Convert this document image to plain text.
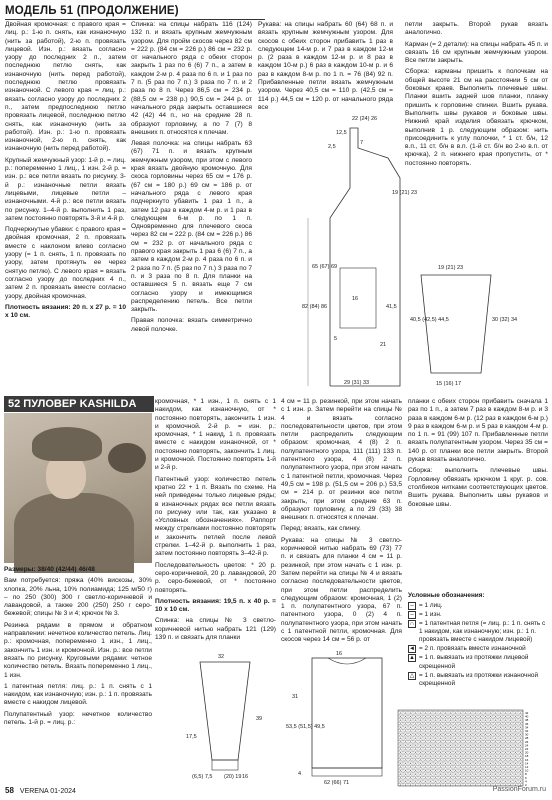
МОДЕЛЬ 51 (ПРОДОЛЖЕНИЕ)

Двойная кромочная: с правого края = лиц. р.: 1-ю п. снять, как изнаночную (нить за работой), 2-ю п. провязать лицевой. Изн. р.: вязать согласно узору до последних 2 п., затем последнюю петлю снять, как изнаночную (нить перед работой), последнюю петлю провязать изнаночной. С левого края = лиц. р.: вязать согласно узору до последних 2 п., затем предпоследнюю петлю провязать лицевой, последнюю петлю снять, как изнаночную (нить за работой). Изн. р.: 1-ю п. провязать изнаночной, 2-ю п. снять, как изнаночную (нить перед работой).

Крупный жемчужный узор: 1-й р. = лиц. р.: попеременно 1 лиц., 1 изн. 2-й р. = изн. р.: все петли вязать по рисунку. 3-й р.: изнаночные петли вязать лицевыми, лицевые петли – изнаночными. 4-й р.: все петли вязать по рисунку. 1–4-й р. выполнить 1 раз, затем постоянно повторять 3-й и 4-й р.

Подчеркнутые убавки: с правого края = двойная кромочная, 2 п. провязать вместе с наклоном влево согласно узору (= 1 п. снять, 1 п. провязать по узору, затем протянуть ее через снятую петлю). С левого края = вязать согласно узору до последних 4 п., затем 2 п. провязать вместе согласно узору, двойная кромочная.

Плотность вязания: 20 п. х 27 р. = 10 х 10 см.

Спинка: на спицы набрать 116 (124) 132 п. и вязать крупным жемчужным узором. Для пройм скосов через 82 см = 222 р. (84 см = 226 р.) 86 см = 232 р. от начального ряда с обеих сторон закрыть 1 раз по 6 (6) 7 п., а затем в каждом 2-м р. 4 раза по 6 п. и 1 раз по 7 п. (5 раз по 7 п.) 3 раза по 7 п. и 2 раза по 8 п. Через 86,5 см = 234 р. (88,5 см = 238 р.) 90,5 см = 244 р. от начального ряда закрыть оставшиеся 42 (42) 44 п., но на средние 28 п. образуют горловину, а по 7 (7) 8 внешних п. относятся к плечам.

Левая полочка: на спицы набрать 63 (67) 71 п. и вязать крупным жемчужным узором, при этом с левого края вязать двойную кромочную. Для скоса горловины через 65 см = 176 р. (67 см = 180 р.) 69 см = 186 р. от начального ряда с левого края подчеркнуто убавить 1 раз 1 п., а затем 12 раз в каждом 4-м р. и 1 раз в следующем 6-м р. по 1 п. Одновременно для плечевого скоса через 82 см = 222 р. (84 см = 226 р.) 86 см = 232 р. от начального ряда с правого края закрыть 1 раз 6 (6) 7 п., а затем в каждом 2-м р. 4 раза по 6 п. и 2 раза по 7 п. (5 раз по 7 п.) 3 раза по 7 п. и 3 раза по 8 п. Для планки на оставшиеся 5 п. вязать еще 7 см согласно узору и имеющимся распределению петель. Все петли закрыть.

Правая полочка: вязать симметрично левой полочке.

Рукава: на спицы набрать 60 (64) 68 п. и вязать крупным жемчужным узором. Для скосов с обеих сторон прибавить 1 раз в следующем 14-м р. и 7 раз в каждом 12-м р. (2 раза в каждом 12-м р. и 8 раз в каждом 10-м р.) 6 раз в каждом 10-м р. и 6 раз в каждом 8-м р. по 1 п. = 76 (84) 92 п. Прибавленные петли вязать жемчужным узором. Через 40,5 см = 110 р. (42,5 см = 114 р.) 44,5 см = 120 р. от начального ряда все

петли закрыть. Второй рукав вязать аналогично.

Карман (= 2 детали): на спицы набрать 45 п. и связать 16 см крупным жемчужным узором. Все петли закрыть.

Сборка: карманы пришить к полочкам на общей высоте 21 см на расстоянии 5 см от боковых краев. Выполнить плечевые швы. Планки вшить задней шов планки, планку пришить к горловине спинки. Вшить рукава. Выполнить швы рукавов и боковые швы. Нижний край изделия обвязать крючком, выполнив 1 р. следующим образом: нить присоединить к углу полочки, * 1 ст. б/н, 12 в.п., 11 ст. б/н в в.п. (1-й ст. б/н во 2-ю в.п. от крючка), 2 п. нижнего края пропустить, от * постоянно повторять.

22 (24) 26
12,5
2,5
7
19 (21) 23
82 (84) 86
65 (67) 69
29 (31) 33
5
16
41,5
21
19 (21) 23
40,5 (42,5) 44,5	30 (32) 34
15 (16) 17
52 ПУЛОВЕР KASHILDA

Размеры: 38/40 (42/44) 46/48

Вам потребуется: пряжа (40% вискозы, 30% хлопка, 20% льна, 10% полиамида; 125 м/50 г) – по 250 (300) 300 г светло-коричневой и лавандовой, а также 200 (250) 250 г серо-бежевой; спицы № 3 и 4; крючок № 3.

Резинка рядами в прямом и обратном направлении: нечетное количество петель. Лиц. р.: кромочная, попеременно 1 изн., 1 лиц., закончить 1 изн. и кромочной. Изн. р.: все петли вязать по рисунку. Круговыми рядами: четное количество петель. Вязать попеременно 1 лиц., 1 изн.

1 патентная петля: лиц. р.: 1 п. снять с 1 накидом, как изнаночную; изн. р.: 1 п. провязать вместе с накидом лицевой.

Полупатентный узор: нечетное количество петель. 1-й р. = лиц. р.:

кромочная, * 1 изн., 1 п. снять с 1 накидом, как изнаночную, от * постоянно повторять, закончить 1 изн. и кромочной. 2-й р. = изн. р.: кромочная, * 1 накид, 1 п. провязать вместе с накидом изнаночной, от * постоянно повторять, закончить 1 лиц. и кромочной. Постоянно повторять 1-й и 2-й р.

Патентный узор: количество петель кратно 22 + 1 п. Вязать по схеме. На ней приведены только лицевые ряды; в изнаночных рядах все петли вязать по рисунку или так, как указано в «Условных обозначениях». Раппорт между стрелками постоянно повторять и закончить петлей после левой стрелки. 1–42-й р. выполнить 1 раз, затем постоянно повторять 3–42-й р.

Последовательность цветов: * 20 р. серо-коричневой, 20 р. лавандовой, 20 р. серо-бежевой, от * постоянно повторять.

Плотность вязания: 19,5 п. х 40 р. = 10 х 10 см.

Спинка: на спицы № 3 светло-коричневой нитью набрать 121 (129) 139 п. и связать для планки

4 см = 11 р. резинкой, при этом начать с 1 изн. р. Затем перейти на спицы № 4 и вязать согласно последовательности цветов, при этом петли распределить следующим образом: кромочная, 4 (8) 2 п. полупатентного узора, 111 (111) 133 п. патентного узора, 4 (8) 2 п. полупатентного узора, при этом начать с 1 патентной петли, кромочная. Через 49,5 см = 198 р. (51,5 см = 206 р.) 53,5 см = 214 р. от резинки все петли закрыть, при этом средние 63 п. образуют горловину, а по 29 (33) 38 внешних п. относятся к плечам.

Перед: вязать, как спинку.

Рукава: на спицы № 3 светло-коричневой нитью набрать 69 (73) 77 п. и связать для планки 4 см = 11 р. резинкой, при этом начать с 1 изн. р. Затем перейти на спицы № 4 и вязать согласно последовательности цветов, при этом петли распределить следующим образом: кромочная, 1 (2) 1 п. полупатентного узора, 67 п. патентного узора, 0 (2) 4 п. полупатентного узора, при этом начать с 1 патентной петли, кромочная. Для скосов через 14 см = 56 р. от

планки с обеих сторон прибавить сначала 1 раз по 1 п., а затем 7 раз в каждом 8-м р. и 3 раза в каждом 6-м р. (12 раз в каждом 6-м р.) 9 раз в каждом 6-м р. и 5 раз в каждом 4-м р. по 1 п. = 91 (99) 107 п. Прибавленные петли вязать полупатентным узором. Через 35 см = 140 р. от планки все петли закрыть. Второй рукав вязать аналогично.

Сборка: выполнить плечевые швы. Горловину обвязать крючком 1 круг. р. сов. столбиков нитками соответствующих цветов. Вшить рукава. Выполнить швы рукавов и боковые швы.

Условные обозначения:
– = 1 лиц.
– = 1 изн.
∩ = 1 патентная петля (= лиц. р.: 1 п. снять с 1 накидом, как изнаночную; изн. р.: 1 п. провязать вместе с накидом лицевой)
◄ = 2 п. провязать вместе изнаночной
▲ = 1 п. вывязать из протяжки лицевой скрещенной
△ = 1 п. вывязать из протяжки изнаночной скрещенной
42
40
38
36
34
32
30
28
26
24
22
20
18
16
14
12
10
8
6
4
2
32
17,5
39
(6,5) 7,5 (20) 19 16
16
31
53,5 (51,5) 49,5
4
62 (66) 71
58 VERENA 01-2024	PassionForum.ru
